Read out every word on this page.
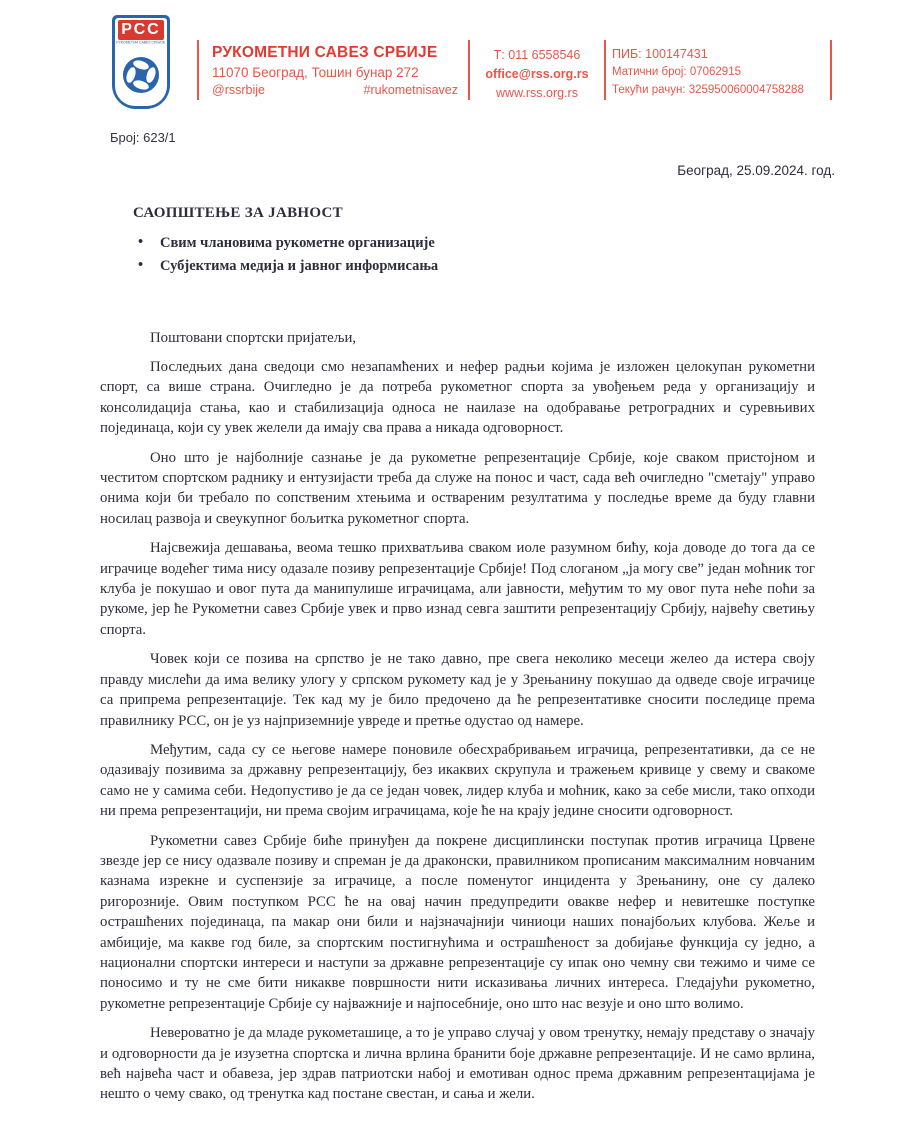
РСС
РУКОМЕТНИ САВЕЗ СРБИЈЕ
РУКОМЕТНИ САВЕЗ СРБИЈЕ
11070 Београд, Тошин бунар 272
@rssrbije	#rukometnisavez
Т: 011 6558546
office@rss.org.rs
www.rss.org.rs
ПИБ: 100147431
Матични број: 07062915
Текући рачун: 325950060004758288
Број: 623/1
Београд, 25.09.2024. год.
САОПШТЕЊЕ ЗА ЈАВНОСТ
• Свим члановима рукометне организације
• Субјектима медија и јавног информисања

Поштовани спортски пријатељи,

Последњих дана сведоци смо незапамћених и нефер радњи којима је изложен целокупан рукометни спорт, са више страна. Очигледно је да потреба рукометног спорта за увођењем реда у организацију и консолидација стања, као и стабилизација односа не наилазе на одобравање ретроградних и суревњивих појединаца, који су увек желели да имају сва права а никада одговорност.

Оно што је најболније сазнање је да рукометне репрезентације Србије, које сваком пристојном и честитом спортском раднику и ентузијасти треба да служе на понос и част, сада већ очигледно "сметају" управо онима који би требало по сопственим хтењима и оствареним резултатима у последње време да буду главни носилац развоја и свеукупног бољитка рукометног спорта.

Најсвежија дешавања, веома тешко прихватљива сваком иоле разумном бићу, која доводе до тога да се играчице водећег тима нису одазале позиву репрезентације Србије! Под слоганом „ја могу све” један моћник тог клуба је покушао и овог пута да манипулише играчицама, али јавности, међутим то му овог пута неће поћи за рукоме, јер ће Рукометни савез Србије увек и прво изнад севга заштити репрезентацију Србију, највећу светињу спорта.

Човек који се позива на српство је не тако давно, пре свега неколико месеци желео да истера своју правду мислећи да има велику улогу у српском рукомету кад је у Зрењанину покушао да одведе своје играчице са припрема репрезентације. Тек кад му је било предочено да ће репрезентативке сносити последице према правилнику РСС, он је уз најприземније увреде и претње одустао од намере.

Међутим, сада су се његове намере поновиле обесхрабривањем играчица, репрезентативки, да се не одазивају позивима за државну репрезентацију, без икаквих скрупула и тражењем кривице у свему и свакоме само не у самима себи. Недопустиво је да се један човек, лидер клуба и моћник, како за себе мисли, тако опходи ни према репрезентацији, ни према својим играчицама, које ће на крају једине сносити одговорност.

Рукометни савез Србије биће принуђен да покрене дисциплински поступак против играчица Црвене звезде јер се нису одазвале позиву и спреман је да драконски, правилником прописаним максималним новчаним казнама изрекне и суспензије за играчице, а после поменутог инцидента у Зрењанину, оне су далеко ригорозније. Овим поступком РСС ће на овај начин предупредити овакве нефер и невитешке поступке острашћених појединаца, па макар они били и најзначајнији чиниоци наших понајбољих клубова. Жеље и амбиције, ма какве год биле, за спортским постигнућима и острашћеност за добијање функција су једно, а национални спортски интереси и наступи за државне репрезентације су ипак оно чемну сви тежимо и чиме се поносимо и ту не сме бити никакве површности нити исказивања личних интереса. Гледајући рукометно, рукометне репрезентације Србије су најважније и најпосебније, оно што нас везује и оно што волимо.

Невероватно је да младе рукометашице, а то је управо случај у овом тренутку, немају представу о значају и одговорности да је изузетна спортска и лична врлина бранити боје државне репрезентације. И не само врлина, већ највећа част и обавеза, јер здрав патриотски набој и емотиван однос према државним репрезентацијама је нешто о чему свако, од тренутка кад постане свестан, и сања и жели.
